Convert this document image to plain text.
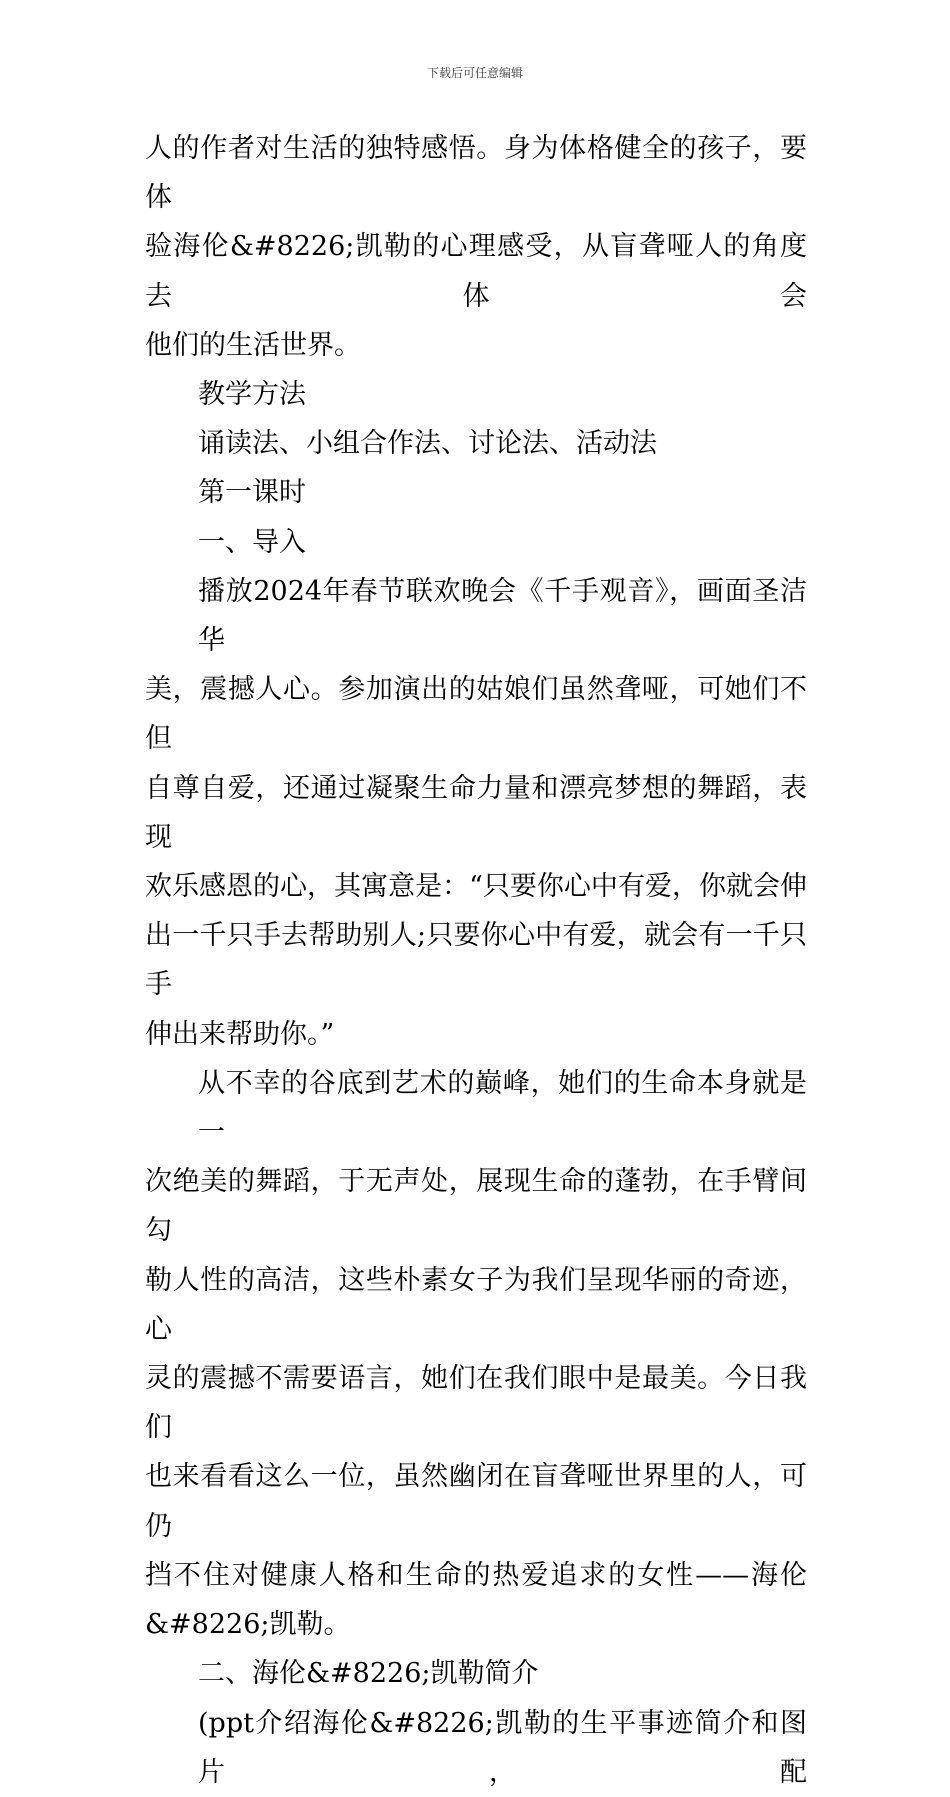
下载后可任意编辑
人的作者对生活的独特感悟。身为体格健全的孩子，要体
验海伦&#8226;凯勒的心理感受，从盲聋哑人的角度去体会
他们的生活世界。
教学方法
诵读法、小组合作法、讨论法、活动法
第一课时
一、导入
播放2024年春节联欢晚会《千手观音》，画面圣洁华
美，震撼人心。参加演出的姑娘们虽然聋哑，可她们不但
自尊自爱，还通过凝聚生命力量和漂亮梦想的舞蹈，表现
欢乐感恩的心，其寓意是：“只要你心中有爱，你就会伸
出一千只手去帮助别人;只要你心中有爱，就会有一千只手
伸出来帮助你。”
从不幸的谷底到艺术的巅峰，她们的生命本身就是一
次绝美的舞蹈，于无声处，展现生命的蓬勃，在手臂间勾
勒人性的高洁，这些朴素女子为我们呈现华丽的奇迹，心
灵的震撼不需要语言，她们在我们眼中是最美。今日我们
也来看看这么一位，虽然幽闭在盲聋哑世界里的人，可仍
挡不住对健康人格和生命的热爱追求的女性——海伦
&#8226;凯勒。
二、海伦&#8226;凯勒简介
(ppt介绍海伦&#8226;凯勒的生平事迹简介和图片，配
